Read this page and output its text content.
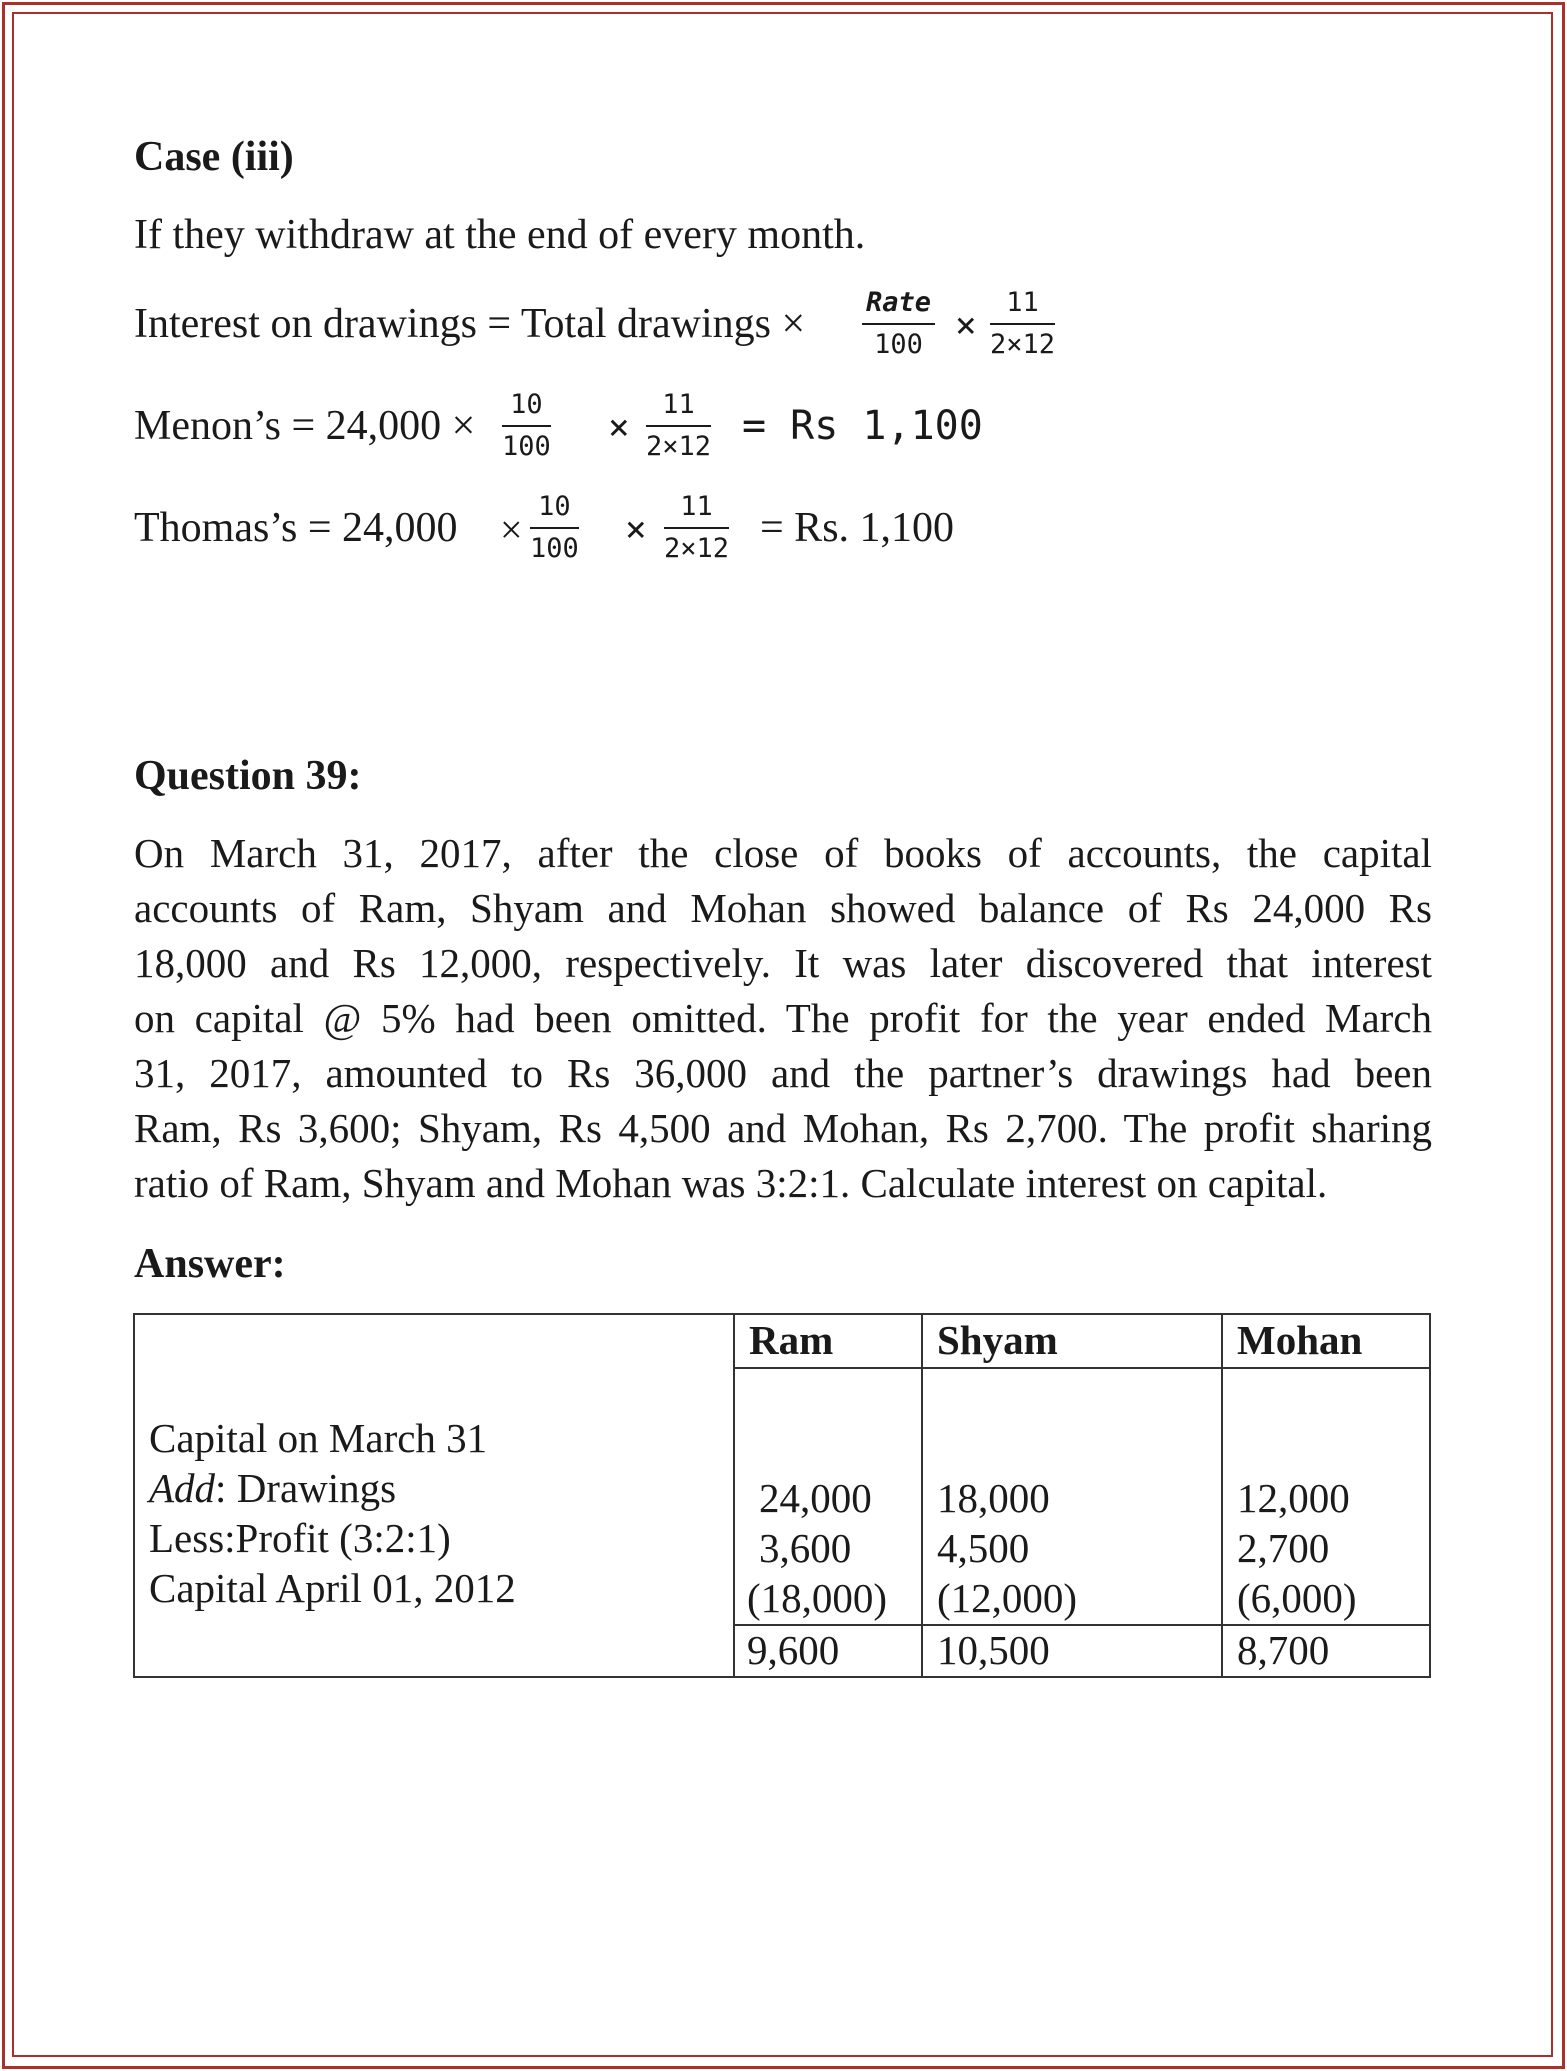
Case (iii)
If they withdraw at the end of every month.
Interest on drawings = Total drawings × Rate
$100 \times \frac{11}{2\times 12}$
Menon’s = $24,000 \times \frac{10}{100} \times \frac{11}{2\times 12} = Rs$ 1,100
Thomas’s = $24,000 \times \frac{10}{100} \times \frac{11}{2\times 12} = Rs$. 1,100
Question 39:
On March 31, 2017, after the close of books of accounts, the capital
accounts of Ram, Shyam and Mohan showed balance of Rs 24,000 Rs
18,000 and Rs 12,000, respectively. It was later discovered that interest
on capital @ 5% had been omitted. The profit for the year ended March
31, 2017, amounted to Rs 36,000 and the partner’s drawings had been
Ram, Rs 3,600; Shyam, Rs 4,500 and Mohan, Rs 2,700. The profit sharing
ratio of Ram, Shyam and Mohan was 3:2:1. Calculate interest on capital.
Answer:
Ram	Shyam	Mohan
Capital on March 31
Add: Drawings
Less:Profit (3:2:1)
Capital April 01, 2012
24,000
3,600
(18,000)
9,600
18,000
4,500
(12,000)
10,500
12,000
2,700
(6,000)
8,700
